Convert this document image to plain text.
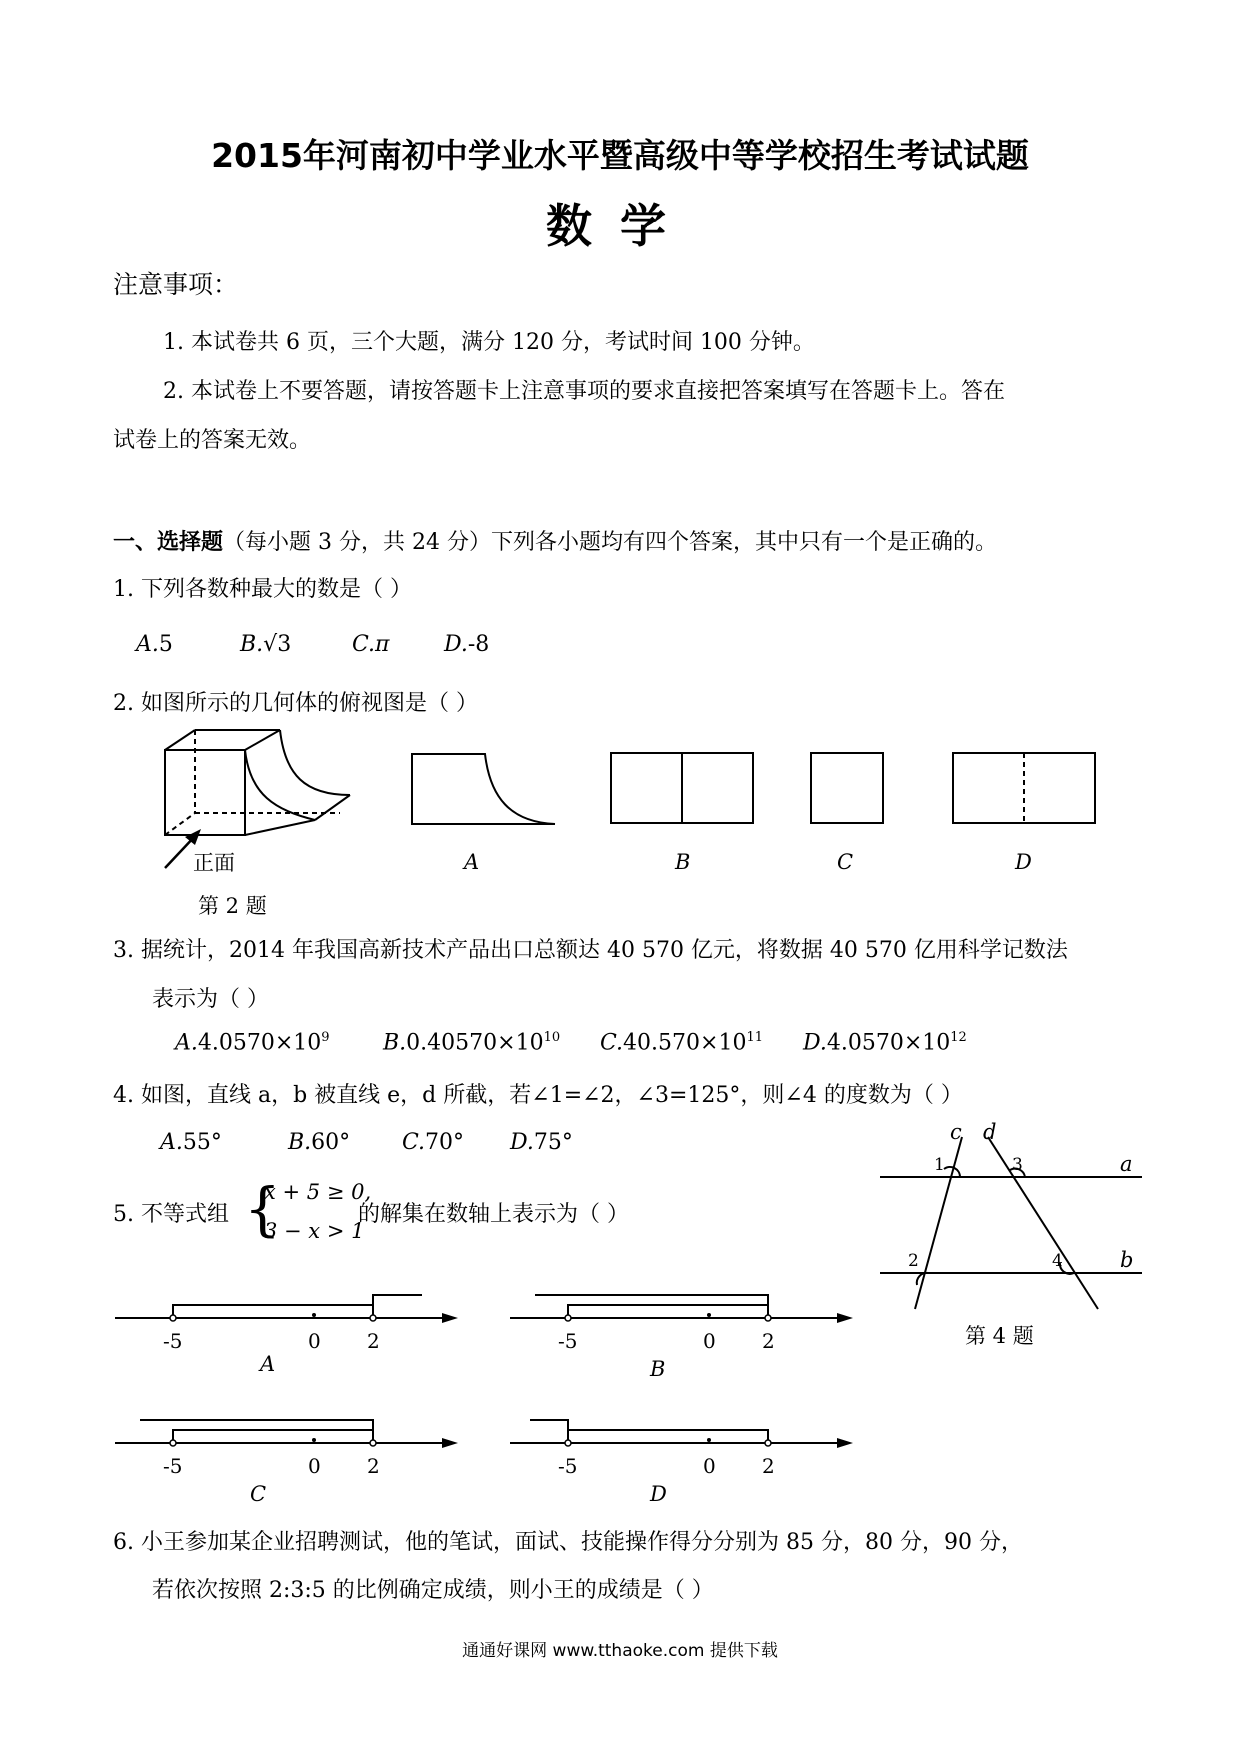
2015年河南初中学业水平暨高级中等学校招生考试试题
数学
注意事项：
1. 本试卷共 6 页，三个大题，满分 120 分，考试时间 100 分钟。
2. 本试卷上不要答题，请按答题卡上注意事项的要求直接把答案填写在答题卡上。答在
试卷上的答案无效。
一、选择题（每小题 3 分，共 24 分）下列各小题均有四个答案，其中只有一个是正确的。
1. 下列各数种最大的数是（ ）
A.5	B.√3	C.π D.-8
2. 如图所示的几何体的俯视图是（ ）
正面
第 2 题
A	B	C	D
3. 据统计，2014 年我国高新技术产品出口总额达 40 570 亿元，将数据 40 570 亿用科学记数法
表示为（ ）
$A.4.0570\times 10^9$ $B.0.40570\times 10^{10}$ $C.40.570\times 10^{11}$ $D.4.0570\times 10^{12}$
4. 如图，直线 a，b 被直线 e，d 所截，若∠1=∠2，∠3=125°，则∠4 的度数为（ ）
A.55°	B.60° C.70° D.75°	c d
a
b
1	3
2	4
第 4 题
5. 不等式组 {
x + 5 ≥ 0,
3 − x > 1
的解集在数轴上表示为（ ）
-5	0 2
A
-5	0 2
B
-5	0 2
C
-5	0 2
D
6. 小王参加某企业招聘测试，他的笔试，面试、技能操作得分分别为 85 分，80 分，90 分，
若依次按照 2:3:5 的比例确定成绩，则小王的成绩是（ ）
通通好课网 www.tthaoke.com 提供下载
